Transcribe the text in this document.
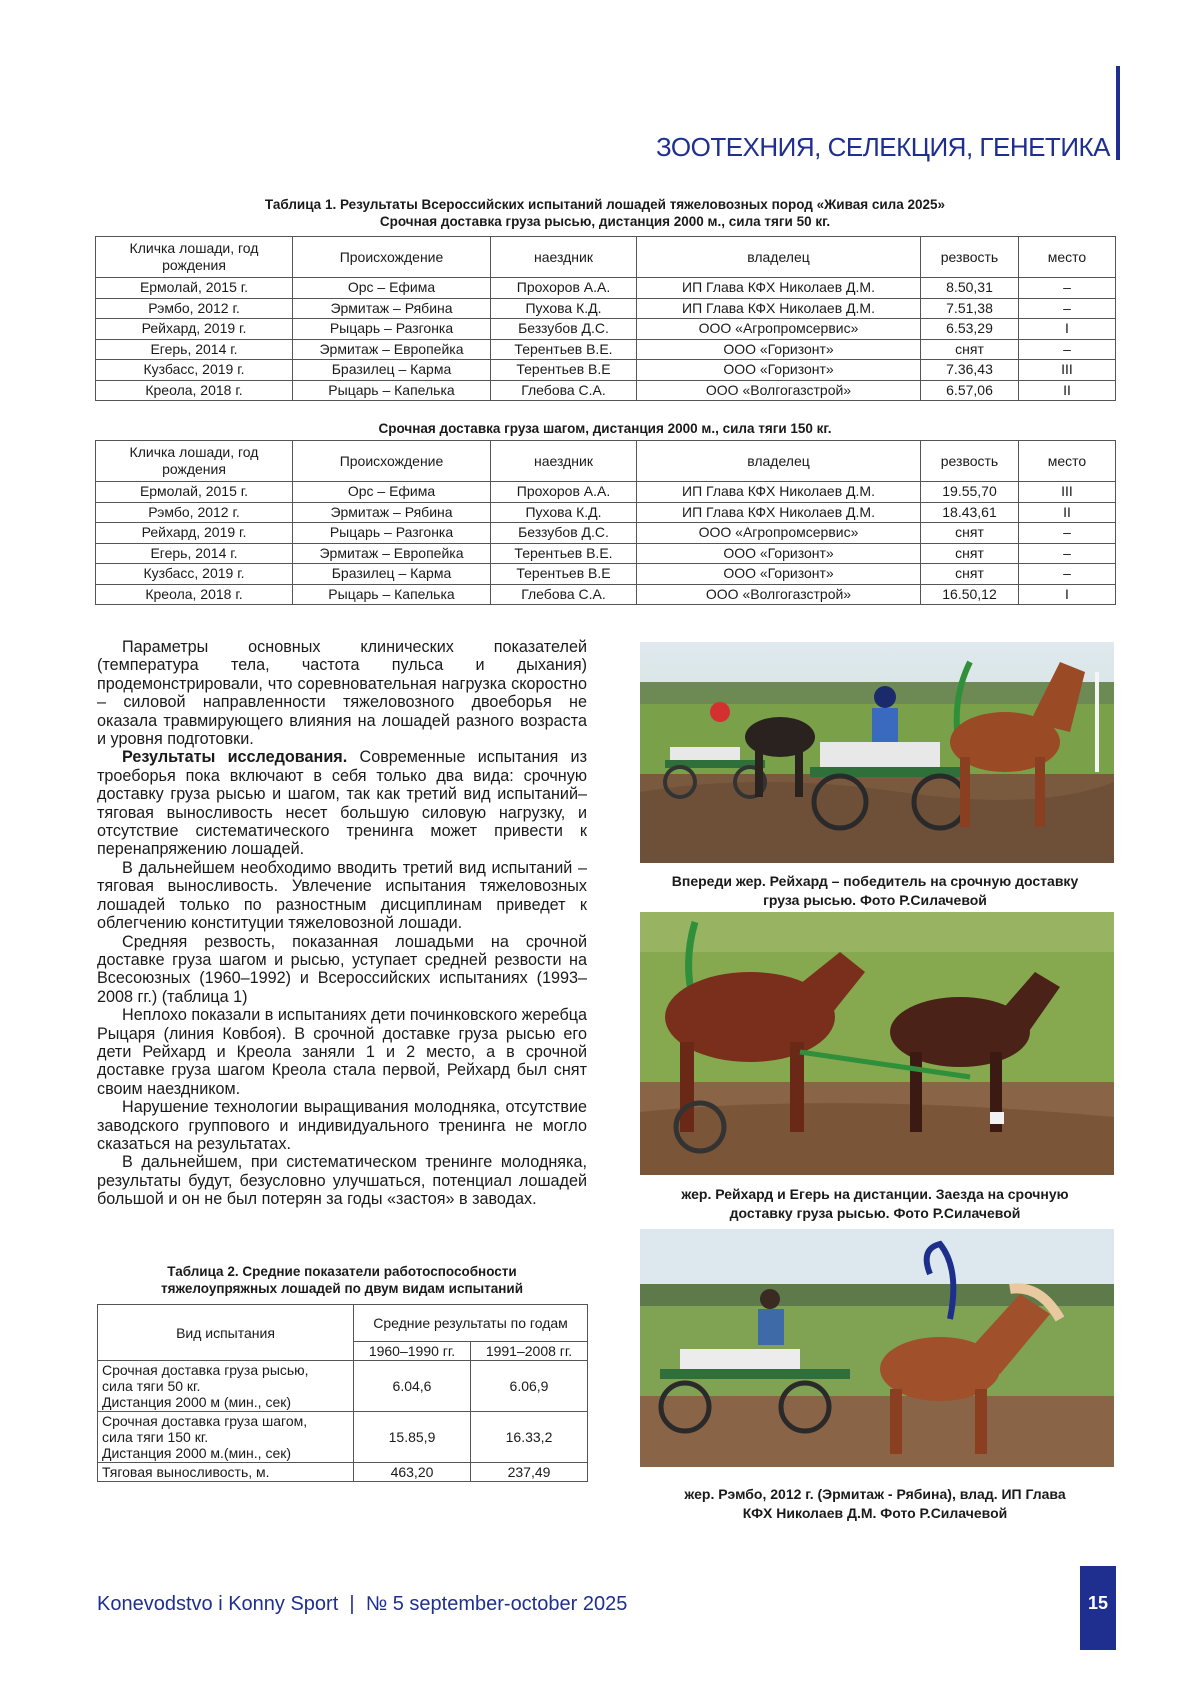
ЗООТЕХНИЯ, СЕЛЕКЦИЯ, ГЕНЕТИКА
Таблица 1. Результаты Всероссийских испытаний лошадей тяжеловозных пород «Живая сила 2025»
Срочная доставка груза рысью, дистанция 2000 м., сила тяги 50 кг.
Кличка лошади, год рождения	Происхождение	наездник	владелец	резвость	место
Ермолай, 2015 г.	Орс – Ефима	Прохоров А.А.	ИП Глава КФХ Николаев Д.М.	8.50,31	–
Рэмбо, 2012 г.	Эрмитаж – Рябина	Пухова К.Д.	ИП Глава КФХ Николаев Д.М.	7.51,38	–
Рейхард, 2019 г.	Рыцарь – Разгонка	Беззубов Д.С.	ООО «Агропромсервис»	6.53,29	I
Егерь, 2014 г.	Эрмитаж – Европейка	Терентьев В.Е.	ООО «Горизонт»	снят	–
Кузбасс, 2019 г.	Бразилец – Карма	Терентьев В.Е	ООО «Горизонт»	7.36,43	III
Креола, 2018 г.	Рыцарь – Капелька	Глебова С.А.	ООО «Волгогазстрой»	6.57,06	II
Срочная доставка груза шагом, дистанция 2000 м., сила тяги 150 кг.
Кличка лошади, год рождения	Происхождение	наездник	владелец	резвость	место
Ермолай, 2015 г.	Орс – Ефима	Прохоров А.А.	ИП Глава КФХ Николаев Д.М.	19.55,70	III
Рэмбо, 2012 г.	Эрмитаж – Рябина	Пухова К.Д.	ИП Глава КФХ Николаев Д.М.	18.43,61	II
Рейхард, 2019 г.	Рыцарь – Разгонка	Беззубов Д.С.	ООО «Агропромсервис»	снят	–
Егерь, 2014 г.	Эрмитаж – Европейка	Терентьев В.Е.	ООО «Горизонт»	снят	–
Кузбасс, 2019 г.	Бразилец – Карма	Терентьев В.Е	ООО «Горизонт»	снят	–
Креола, 2018 г.	Рыцарь – Капелька	Глебова С.А.	ООО «Волгогазстрой»	16.50,12	I

Параметры основных клинических показателей (температура тела, частота пульса и дыхания) продемонстрировали, что соревновательная нагрузка скоростно – силовой направленности тяжеловозного двоеборья не оказала травмирующего влияния на лошадей разного возраста и уровня подготовки.

Результаты исследования. Современные испытания из троеборья пока включают в себя только два вида: срочную доставку груза рысью и шагом, так как третий вид испытаний–тяговая выносливость несет большую силовую нагрузку, и отсутствие систематического тренинга может привести к перенапряжению лошадей.

В дальнейшем необходимо вводить третий вид испытаний – тяговая выносливость. Увлечение испытания тяжеловозных лошадей только по разностным дисциплинам приведет к облегчению конституции тяжеловозной лошади.

Средняя резвость, показанная лошадьми на срочной доставке груза шагом и рысью, уступает средней резвости на Всесоюзных (1960–1992) и Всероссийских испытаниях (1993–2008 гг.) (таблица 1)

Неплохо показали в испытаниях дети починковского жеребца Рыцаря (линия Ковбоя). В срочной доставке груза рысью его дети Рейхард и Креола заняли 1 и 2 место, а в срочной доставке груза шагом Креола стала первой, Рейхард был снят своим наездником.

Нарушение технологии выращивания молодняка, отсутствие заводского группового и индивидуального тренинга не могло сказаться на результатах.

В дальнейшем, при систематическом тренинге молодняка, результаты будут, безусловно улучшаться, потенциал лошадей большой и он не был потерян за годы «застоя» в заводах.

Таблица 2. Средние показатели работоспособности
тяжелоупряжных лошадей по двум видам испытаний
Вид испытания	Средние результаты по годам	
	1960–1990 гг.	1991–2008 гг.

Срочная доставка груза рысью,
сила тяги 50 кг.
Дистанция 2000 м (мин., сек)	6.04,6	6.06,9

Срочная доставка груза шагом,
сила тяги 150 кг.
Дистанция 2000 м.(мин., сек)	15.85,9	16.33,2
Тяговая выносливость, м.	463,20	237,49
Впереди жер. Рейхард – победитель на срочную доставку
груза рысью. Фото Р.Силачевой
жер. Рейхард и Егерь на дистанции. Заезда на срочную
доставку груза рысью. Фото Р.Силачевой
жер. Рэмбо, 2012 г. (Эрмитаж - Рябина), влад. ИП Глава
КФХ Николаев Д.М. Фото Р.Силачевой
Konevodstvo i Konny Sport | № 5 september-october 2025	15
